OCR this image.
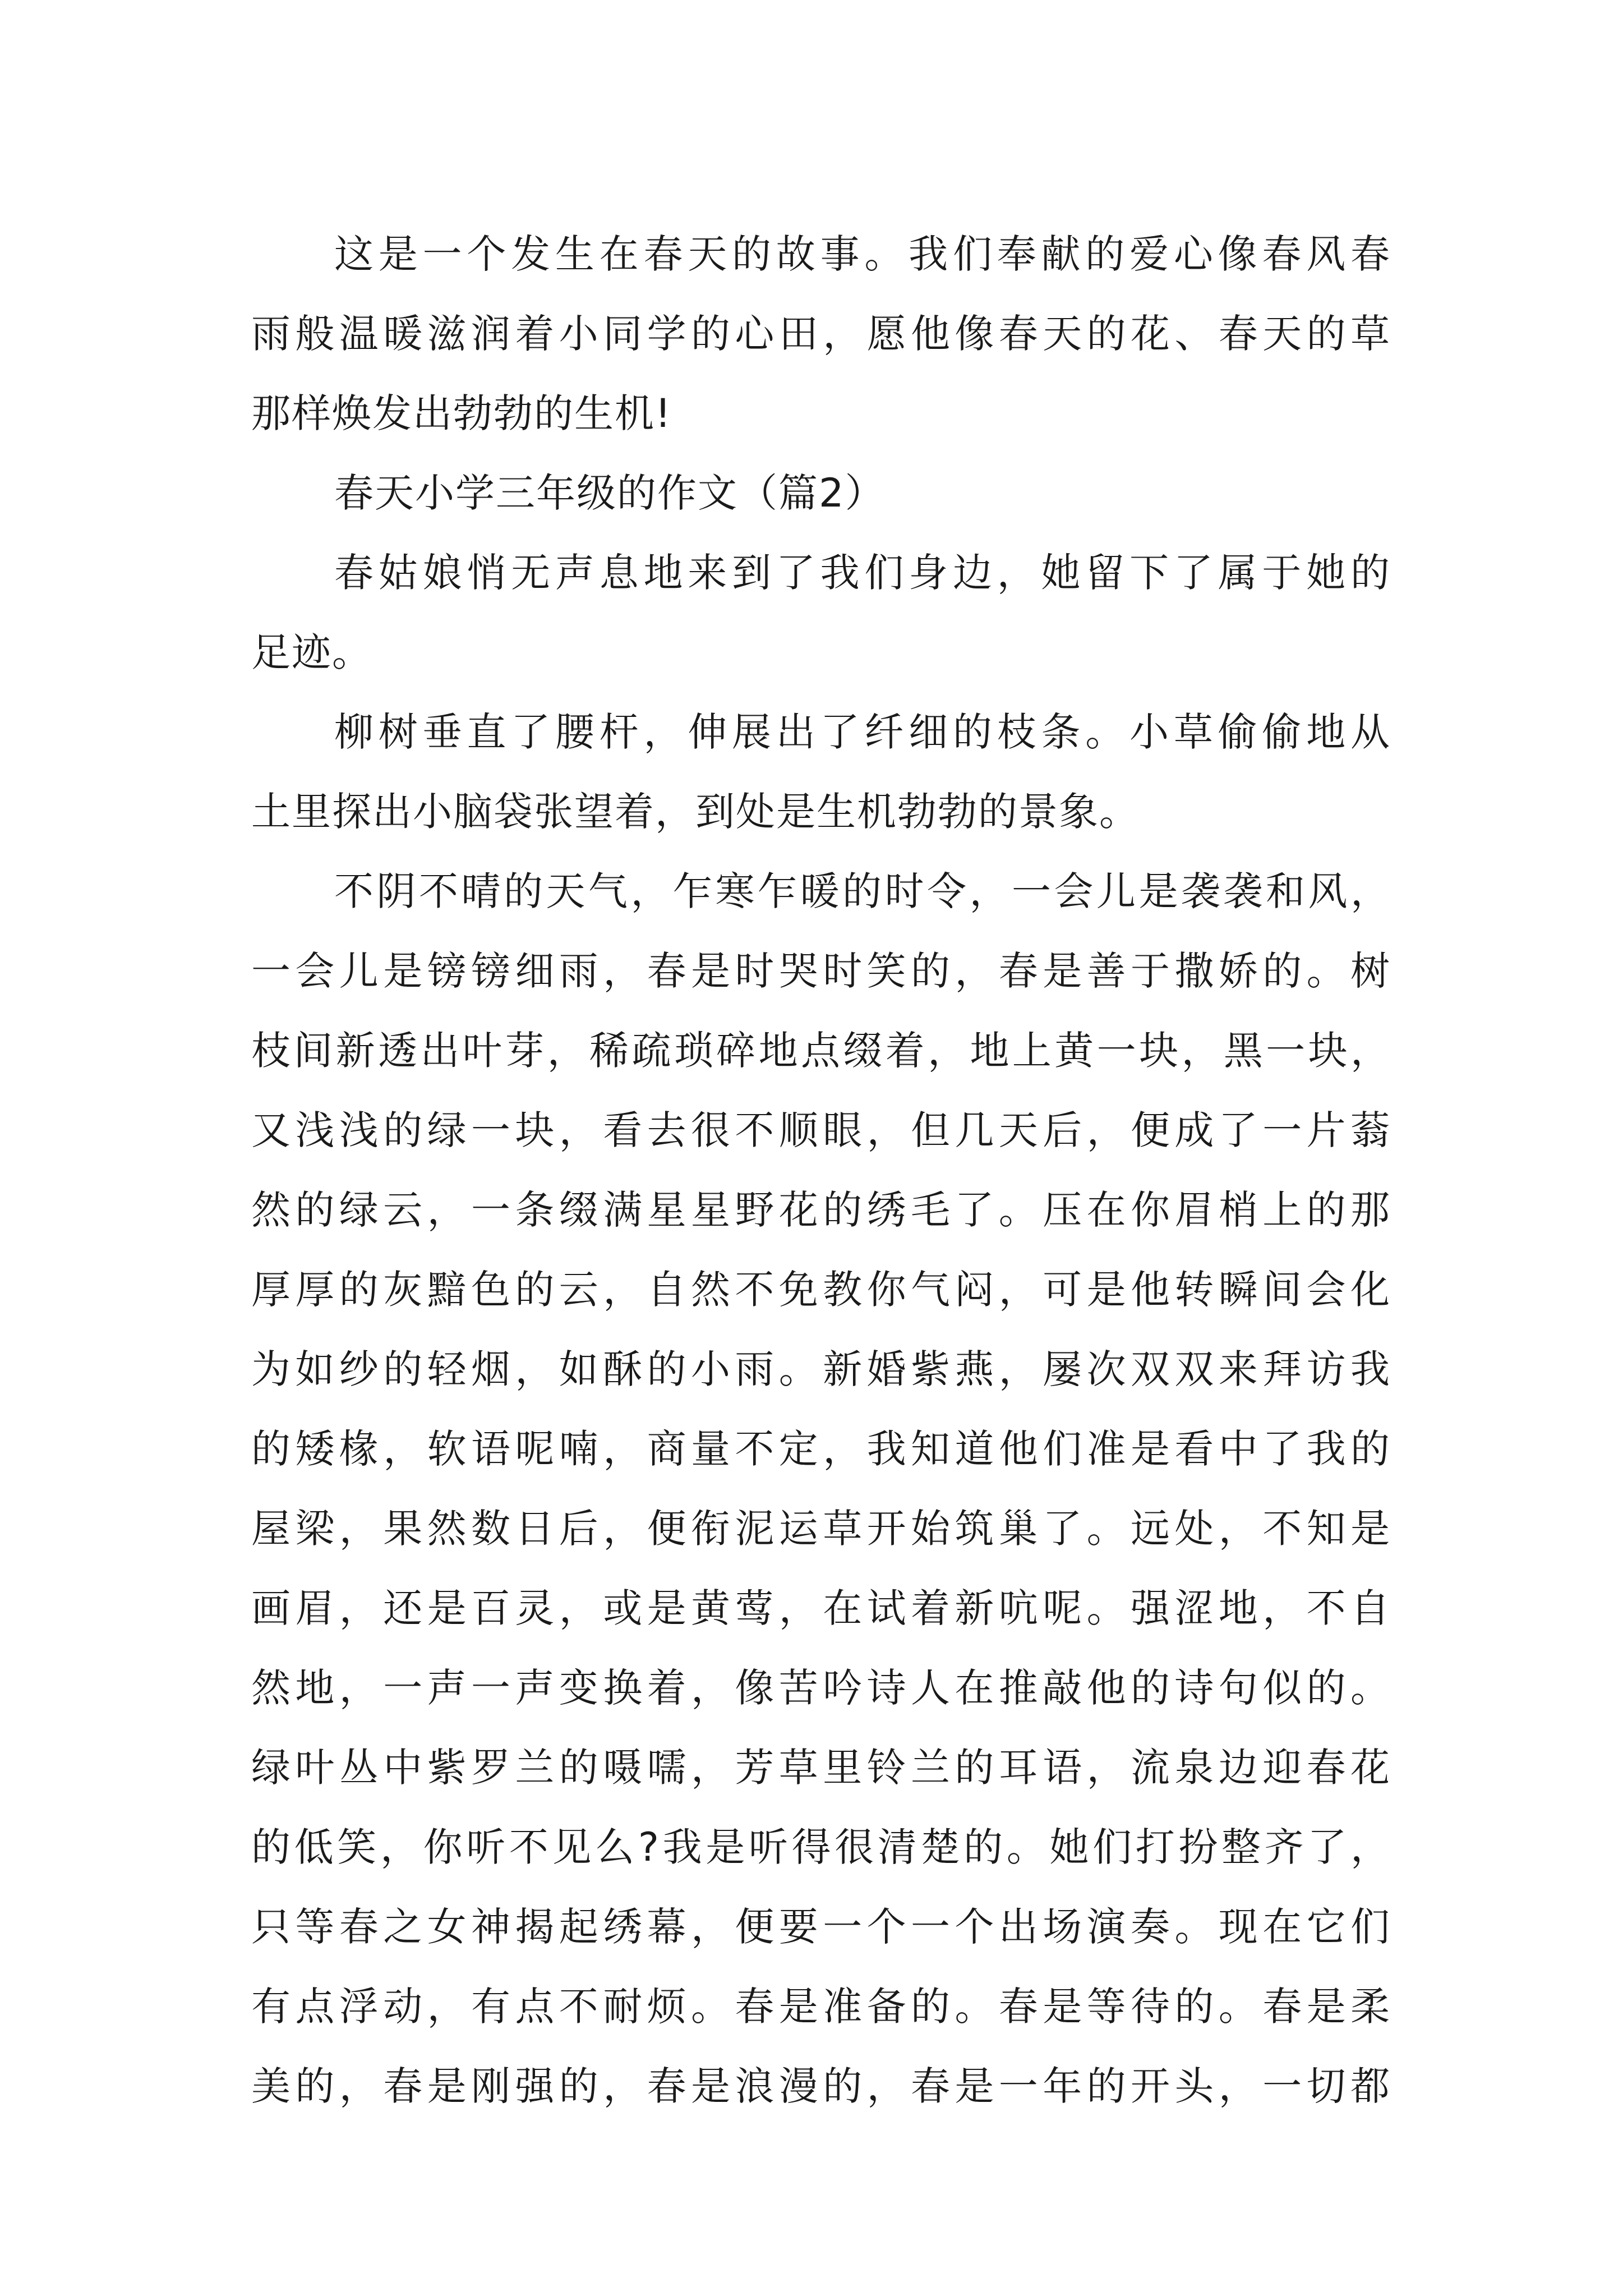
这是一个发生在春天的故事。我们奉献的爱心像春风春
雨般温暖滋润着小同学的心田，愿他像春天的花、春天的草
那样焕发出勃勃的生机!
春天小学三年级的作文（篇2）
春姑娘悄无声息地来到了我们身边，她留下了属于她的
足迹。
柳树垂直了腰杆，伸展出了纤细的枝条。小草偷偷地从
土里探出小脑袋张望着，到处是生机勃勃的景象。
不阴不晴的天气，乍寒乍暖的时令，一会儿是袭袭和风，
一会儿是镑镑细雨，春是时哭时笑的，春是善于撒娇的。树
枝间新透出叶芽，稀疏琐碎地点缀着，地上黄一块，黑一块，
又浅浅的绿一块，看去很不顺眼，但几天后，便成了一片蓊
然的绿云，一条缀满星星野花的绣毛了。压在你眉梢上的那
厚厚的灰黯色的云，自然不免教你气闷，可是他转瞬间会化
为如纱的轻烟，如酥的小雨。新婚紫燕，屡次双双来拜访我
的矮椽，软语呢喃，商量不定，我知道他们准是看中了我的
屋梁，果然数日后，便衔泥运草开始筑巢了。远处，不知是
画眉，还是百灵，或是黄莺，在试着新吭呢。强涩地，不自
然地，一声一声变换着，像苦吟诗人在推敲他的诗句似的。
绿叶丛中紫罗兰的嗫嚅，芳草里铃兰的耳语，流泉边迎春花
的低笑，你听不见么?我是听得很清楚的。她们打扮整齐了，
只等春之女神揭起绣幕，便要一个一个出场演奏。现在它们
有点浮动，有点不耐烦。春是准备的。春是等待的。春是柔
美的，春是刚强的，春是浪漫的，春是一年的开头，一切都
